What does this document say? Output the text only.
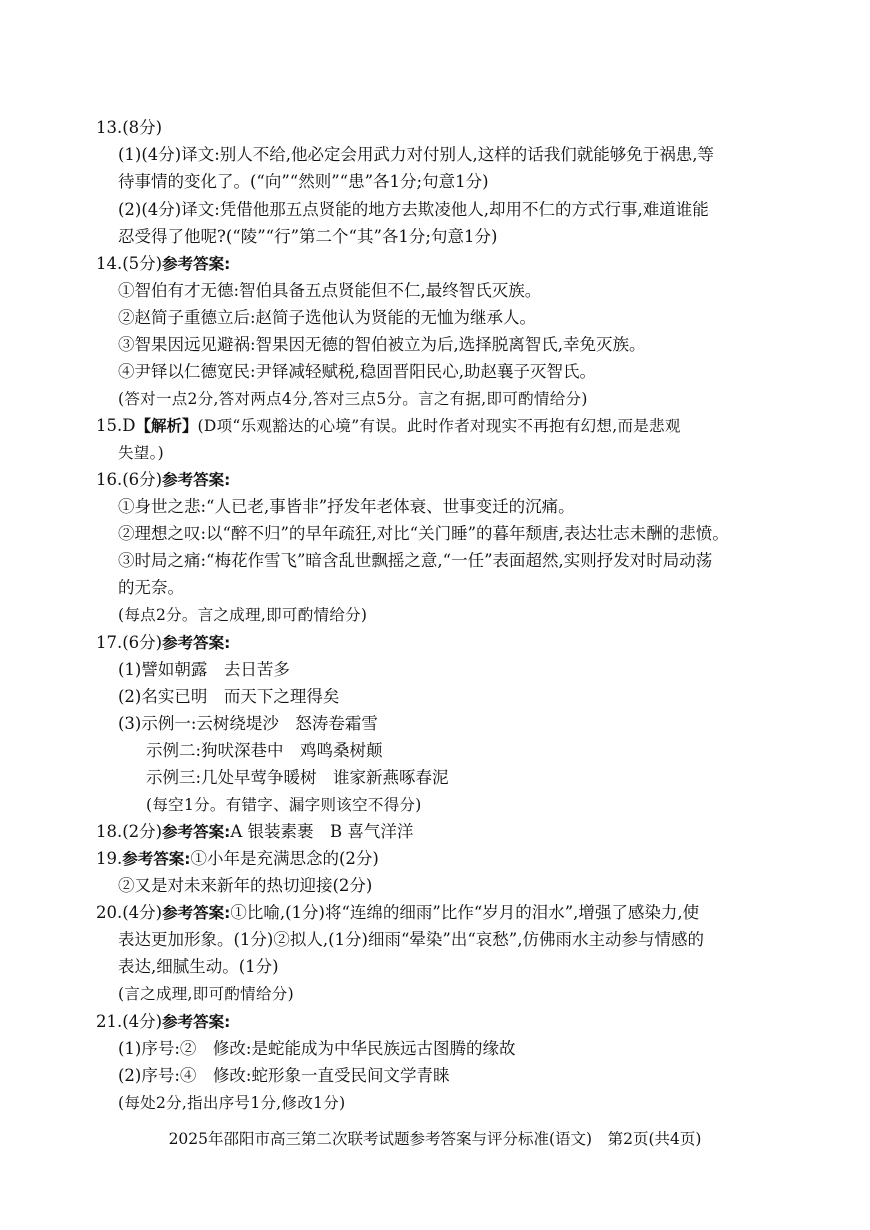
13.(8分)

(1)(4分)译文:别人不给,他必定会用武力对付别人,这样的话我们就能够免于祸患,等

待事情的变化了。(“向”“然则”“患”各1分;句意1分)

(2)(4分)译文:凭借他那五点贤能的地方去欺凌他人,却用不仁的方式行事,难道谁能

忍受得了他呢?(“陵”“行”第二个“其”各1分;句意1分)

14.(5分)参考答案:

①智伯有才无德:智伯具备五点贤能但不仁,最终智氏灭族。

②赵简子重德立后:赵简子选他认为贤能的无恤为继承人。

③智果因远见避祸:智果因无德的智伯被立为后,选择脱离智氏,幸免灭族。

④尹铎以仁德宽民:尹铎减轻赋税,稳固晋阳民心,助赵襄子灭智氏。

(答对一点2分,答对两点4分,答对三点5分。言之有据,即可酌情给分)

15.D【解析】(D项“乐观豁达的心境”有误。此时作者对现实不再抱有幻想,而是悲观

失望。)

16.(6分)参考答案:

①身世之悲:“人已老,事皆非”抒发年老体衰、世事变迁的沉痛。

②理想之叹:以“醉不归”的早年疏狂,对比“关门睡”的暮年颓唐,表达壮志未酬的悲愤。

③时局之痛:“梅花作雪飞”暗含乱世飘摇之意,“一任”表面超然,实则抒发对时局动荡

的无奈。

(每点2分。言之成理,即可酌情给分)

17.(6分)参考答案:

(1)譬如朝露　去日苦多

(2)名实已明　而天下之理得矣

(3)示例一:云树绕堤沙　怒涛卷霜雪

示例二:狗吠深巷中　鸡鸣桑树颠

示例三:几处早莺争暖树　谁家新燕啄春泥

(每空1分。有错字、漏字则该空不得分)

18.(2分)参考答案:A 银装素裹　B 喜气洋洋

19.参考答案:①小年是充满思念的(2分)

②又是对未来新年的热切迎接(2分)

20.(4分)参考答案:①比喻,(1分)将“连绵的细雨”比作“岁月的泪水”,增强了感染力,使

表达更加形象。(1分)②拟人,(1分)细雨“晕染”出“哀愁”,仿佛雨水主动参与情感的

表达,细腻生动。(1分)

(言之成理,即可酌情给分)

21.(4分)参考答案:

(1)序号:②　修改:是蛇能成为中华民族远古图腾的缘故

(2)序号:④　修改:蛇形象一直受民间文学青睐

(每处2分,指出序号1分,修改1分)

2025年邵阳市高三第二次联考试题参考答案与评分标准(语文)　第2页(共4页)
